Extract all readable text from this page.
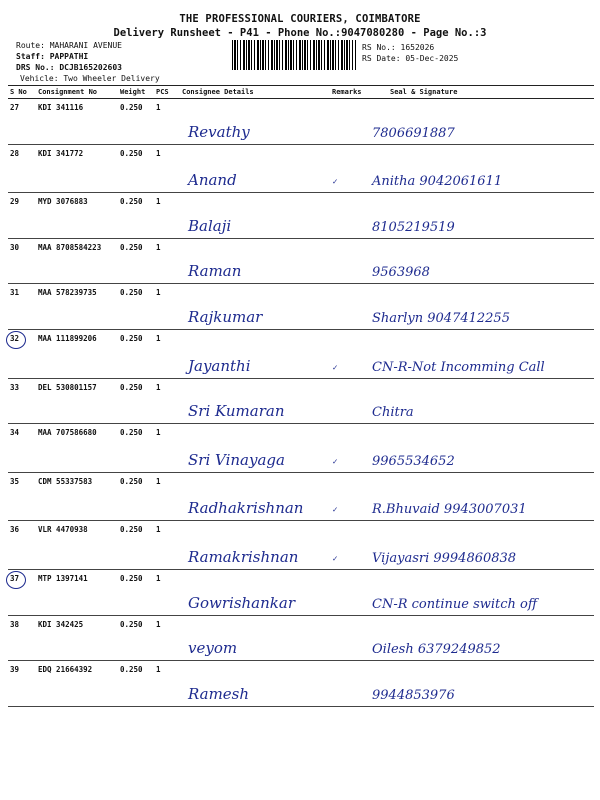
THE PROFESSIONAL COURIERS, COIMBATORE
Delivery Runsheet - P41 - Phone No.:9047080280 - Page No.:3
Route: MAHARANI AVENUE
Staff: PAPPATHI
DRS No.: DCJB165202603
Vehicle: Two Wheeler Delivery
RS No.: 1652026
RS Date: 05-Dec-2025
S No	Consignment No	Weight	PCS	Consignee Details	Remarks	Seal & Signature
27	KDI 341116	0.250	1	Revathy		7806691887
28	KDI 341772	0.250	1	Anand	✓	Anitha 9042061611
29	MYD 3076883	0.250	1	Balaji		8105219519
30	MAA 8708584223	0.250	1	Raman		9563968
31	MAA 578239735	0.250	1	Rajkumar		Sharlyn 9047412255

32	MAA 111899206	0.250	1	Jayanthi	✓	CN-R-Not Incomming Call
33	DEL 530801157	0.250	1	Sri Kumaran		Chitra
34	MAA 707586680	0.250	1	Sri Vinayaga	✓	9965534652
35	CDM 55337583	0.250	1	Radhakrishnan	✓	R.Bhuvaid 9943007031
36	VLR 4470938	0.250	1	Ramakrishnan	✓	Vijayasri 9994860838

37	MTP 1397141	0.250	1	Gowrishankar		CN-R continue switch off
38	KDI 342425	0.250	1	veyom		Oilesh 6379249852
39	EDQ 21664392	0.250	1	Ramesh		9944853976
